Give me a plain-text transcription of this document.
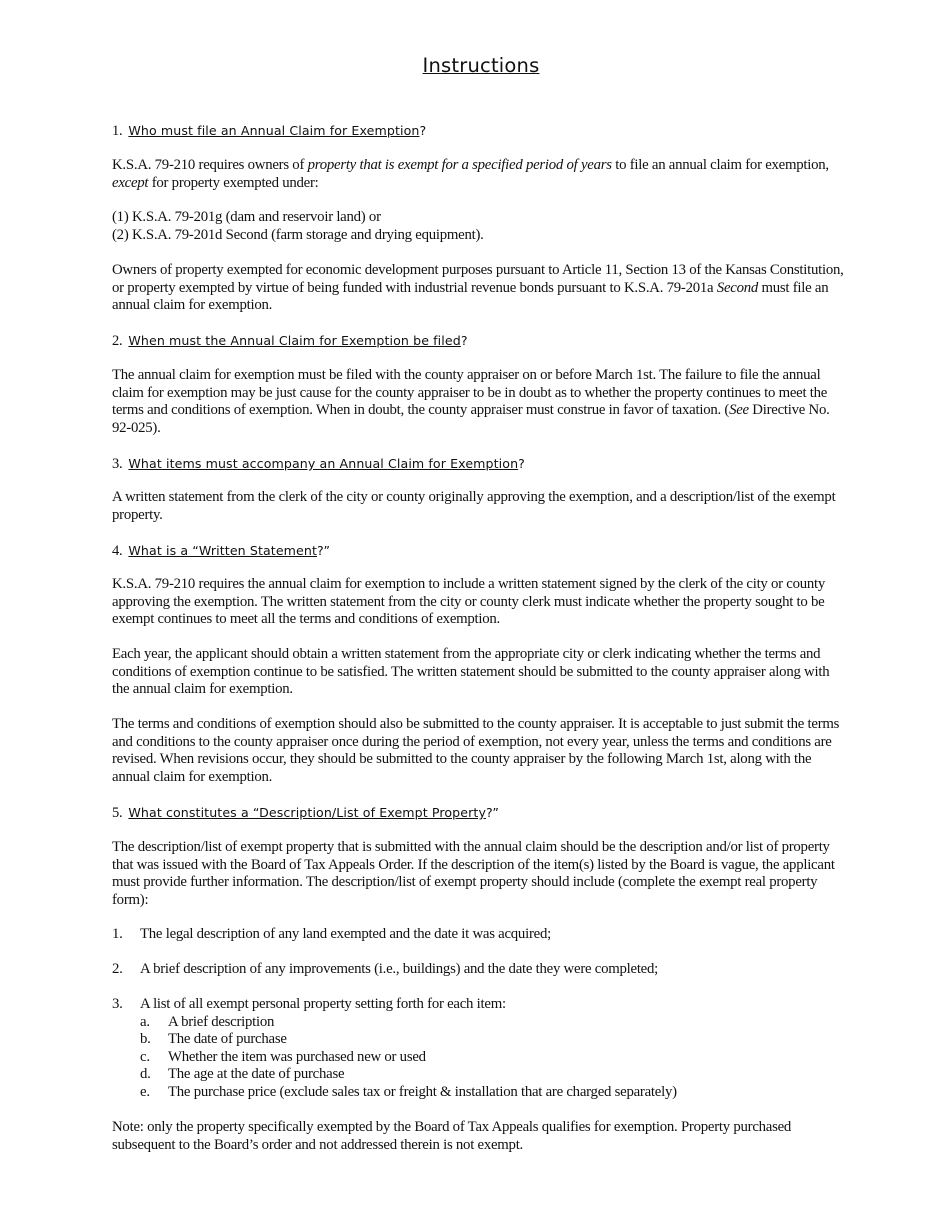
Instructions
1. Who must file an Annual Claim for Exemption?

K.S.A. 79-210 requires owners of property that is exempt for a specified period of years to file an annual claim for exemption, except for property exempted under:

(1) K.S.A. 79-201g (dam and reservoir land) or

(2) K.S.A. 79-201d Second (farm storage and drying equipment).

Owners of property exempted for economic development purposes pursuant to Article 11, Section 13 of the Kansas Constitution, or property exempted by virtue of being funded with industrial revenue bonds pursuant to K.S.A. 79-201a Second must file an annual claim for exemption.

2. When must the Annual Claim for Exemption be filed?

The annual claim for exemption must be filed with the county appraiser on or before March 1st. The failure to file the annual claim for exemption may be just cause for the county appraiser to be in doubt as to whether the property continues to meet the terms and conditions of exemption. When in doubt, the county appraiser must construe in favor of taxation. (See Directive No. 92-025).

3. What items must accompany an Annual Claim for Exemption?
A written statement from the clerk of the city or county originally approving the exemption, and a description/list of the exempt property.
4. What is a “Written Statement?”
K.S.A. 79-210 requires the annual claim for exemption to include a written statement signed by the clerk of the city or county approving the exemption. The written statement from the city or county clerk must indicate whether the property sought to be exempt continues to meet all the terms and conditions of exemption.
Each year, the applicant should obtain a written statement from the appropriate city or clerk indicating whether the terms and conditions of exemption continue to be satisfied. The written statement should be submitted to the county appraiser along with the annual claim for exemption.
The terms and conditions of exemption should also be submitted to the county appraiser. It is acceptable to just submit the terms and conditions to the county appraiser once during the period of exemption, not every year, unless the terms and conditions are revised. When revisions occur, they should be submitted to the county appraiser by the following March 1st, along with the annual claim for exemption.
5. What constitutes a “Description/List of Exempt Property?”
The description/list of exempt property that is submitted with the annual claim should be the description and/or list of property that was issued with the Board of Tax Appeals Order. If the description of the item(s) listed by the Board is vague, the applicant must provide further information. The description/list of exempt property should include (complete the exempt real property form):
1.	The legal description of any land exempted and the date it was acquired;
2.	A brief description of any improvements (i.e., buildings) and the date they were completed;
3.	A list of all exempt personal property setting forth for each item:
a.	A brief description
b.	The date of purchase
c.	Whether the item was purchased new or used
d.	The age at the date of purchase
e.	The purchase price (exclude sales tax or freight & installation that are charged separately)
Note: only the property specifically exempted by the Board of Tax Appeals qualifies for exemption. Property purchased subsequent to the Board’s order and not addressed therein is not exempt.
